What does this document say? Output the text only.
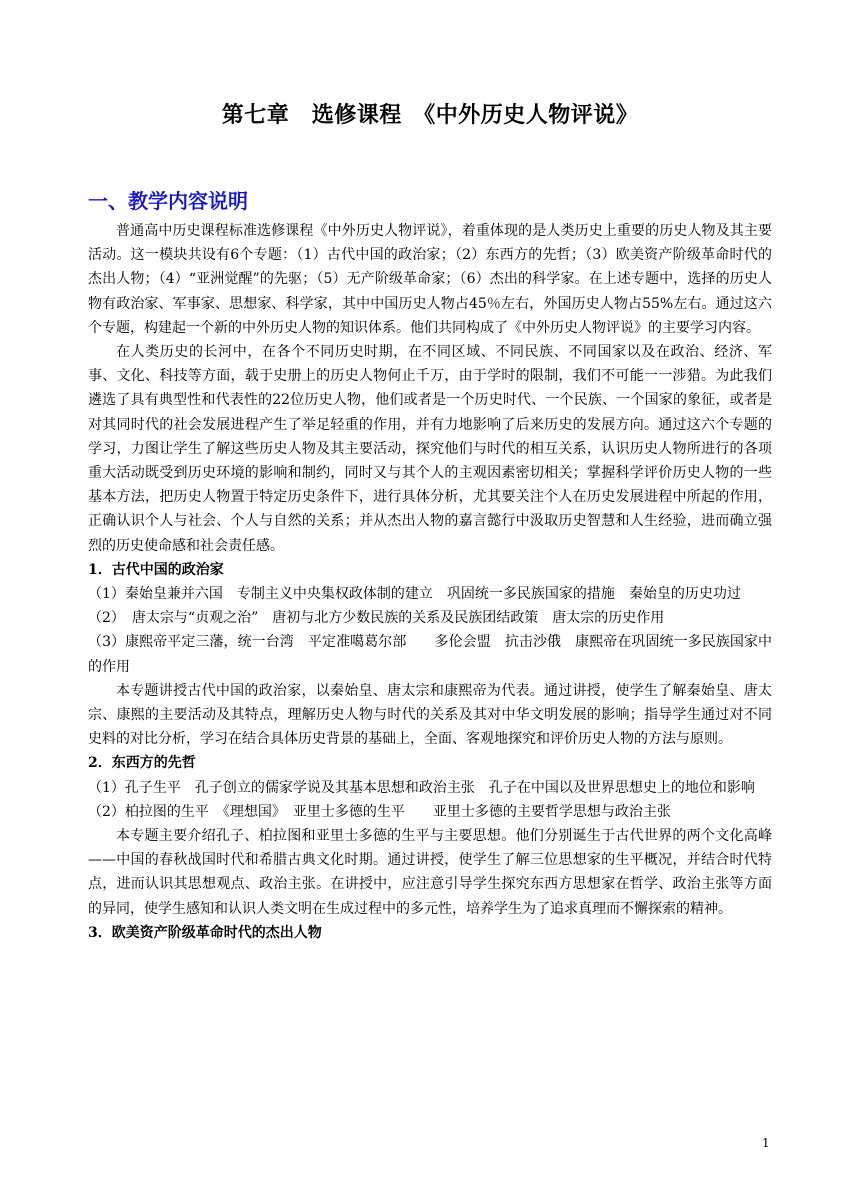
第七章　选修课程　《中外历史人物评说》
一、教学内容说明

普通高中历史课程标准选修课程《中外历史人物评说》，着重体现的是人类历史上重要的历史人物及其主要活动。这一模块共设有6个专题：（1）古代中国的政治家；（2）东西方的先哲；（3）欧美资产阶级革命时代的杰出人物；（4）“亚洲觉醒”的先驱；（5）无产阶级革命家；（6）杰出的科学家。在上述专题中，选择的历史人物有政治家、军事家、思想家、科学家，其中中国历史人物占45％左右，外国历史人物占55%左右。通过这六个专题，构建起一个新的中外历史人物的知识体系。他们共同构成了《中外历史人物评说》的主要学习内容。

在人类历史的长河中，在各个不同历史时期，在不同区域、不同民族、不同国家以及在政治、经济、军事、文化、科技等方面，载于史册上的历史人物何止千万，由于学时的限制，我们不可能一一涉猎。为此我们遴选了具有典型性和代表性的22位历史人物，他们或者是一个历史时代、一个民族、一个国家的象征，或者是对其同时代的社会发展进程产生了举足轻重的作用，并有力地影响了后来历史的发展方向。通过这六个专题的学习，力图让学生了解这些历史人物及其主要活动，探究他们与时代的相互关系，认识历史人物所进行的各项重大活动既受到历史环境的影响和制约，同时又与其个人的主观因素密切相关；掌握科学评价历史人物的一些基本方法，把历史人物置于特定历史条件下，进行具体分析，尤其要关注个人在历史发展进程中所起的作用，正确认识个人与社会、个人与自然的关系；并从杰出人物的嘉言懿行中汲取历史智慧和人生经验，进而确立强烈的历史使命感和社会责任感。

1．古代中国的政治家

（1）秦始皇兼并六国　专制主义中央集权政体制的建立　巩固统一多民族国家的措施　秦始皇的历史功过

（2）　唐太宗与“贞观之治”　唐初与北方少数民族的关系及民族团结政策　唐太宗的历史作用

（3）康熙帝平定三藩，统一台湾　平定准噶葛尔部　　多伦会盟　抗击沙俄　康熙帝在巩固统一多民族国家中的作用

本专题讲授古代中国的政治家，以秦始皇、唐太宗和康熙帝为代表。通过讲授，使学生了解秦始皇、唐太宗、康熙的主要活动及其特点，理解历史人物与时代的关系及其对中华文明发展的影响；指导学生通过对不同史料的对比分析，学习在结合具体历史背景的基础上，全面、客观地探究和评价历史人物的方法与原则。

2．东西方的先哲

（1）孔子生平　孔子创立的儒家学说及其基本思想和政治主张　孔子在中国以及世界思想史上的地位和影响

（2）柏拉图的生平　《理想国》　亚里士多德的生平　　亚里士多德的主要哲学思想与政治主张

本专题主要介绍孔子、柏拉图和亚里士多德的生平与主要思想。他们分别诞生于古代世界的两个文化高峰——中国的春秋战国时代和希腊古典文化时期。通过讲授，使学生了解三位思想家的生平概况，并结合时代特点，进而认识其思想观点、政治主张。在讲授中，应注意引导学生探究东西方思想家在哲学、政治主张等方面的异同，使学生感知和认识人类文明在生成过程中的多元性，培养学生为了追求真理而不懈探索的精神。

3．欧美资产阶级革命时代的杰出人物

1
